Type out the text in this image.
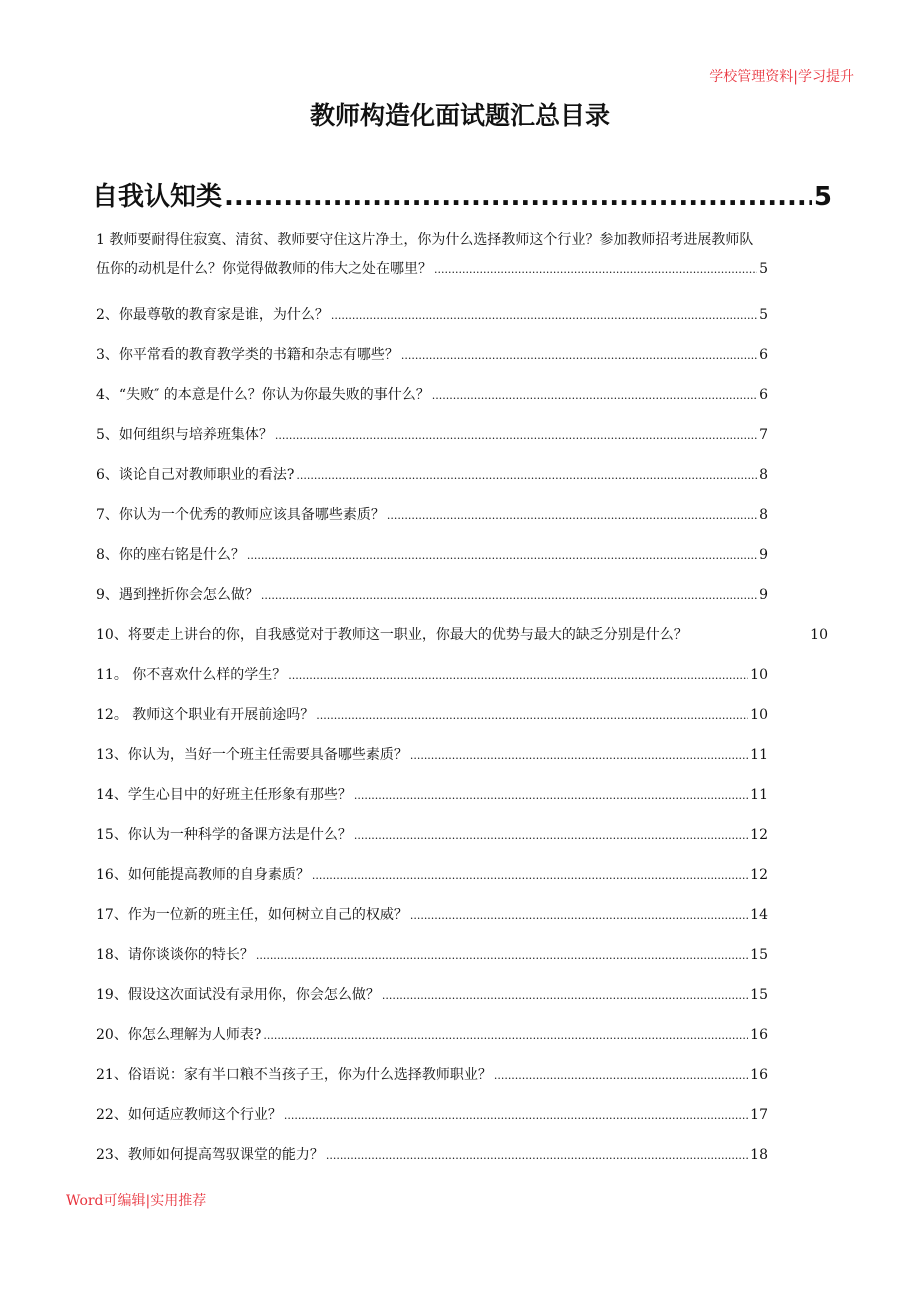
学校管理资料|学习提升
教师构造化面试题汇总目录
自我认知类 .....	5
1 教师要耐得住寂寞、清贫、教师要守住这片净土，你为什么选择教师这个行业？参加教师招考进展教师队
伍你的动机是什么？你觉得做教师的伟大之处在哪里？ .....	5
2、你最尊敬的教育家是谁，为什么？ .....	5
3、你平常看的教育教学类的书籍和杂志有哪些？ .....	6
4、“失败″ 的本意是什么？你认为你最失败的事什么？ .....	6
5、如何组织与培养班集体？ .....	7
6、谈论自己对教师职业的看法? .....	8
7、你认为一个优秀的教师应该具备哪些素质？ .....	8
8、你的座右铭是什么？ .....	9
9、遇到挫折你会怎么做？ .....	9
10、将要走上讲台的你，自我感觉对于教师这一职业，你最大的优势与最大的缺乏分别是什么？	10
11。 你不喜欢什么样的学生？ .....	10
12。 教师这个职业有开展前途吗？ .....	10
13、你认为，当好一个班主任需要具备哪些素质？ .....	11
14、学生心目中的好班主任形象有那些？ .....	11
15、你认为一种科学的备课方法是什么？ .....	12
16、如何能提高教师的自身素质？ .....	12
17、作为一位新的班主任，如何树立自己的权威？ .....	14
18、请你谈谈你的特长？ .....	15
19、假设这次面试没有录用你，你会怎么做？ .....	15
20、你怎么理解为人师表? .....	16
21、俗语说：家有半口粮不当孩子王，你为什么选择教师职业？ .....	16
22、如何适应教师这个行业？ .....	17
23、教师如何提高驾驭课堂的能力？ .....	18
Word可编辑|实用推荐
